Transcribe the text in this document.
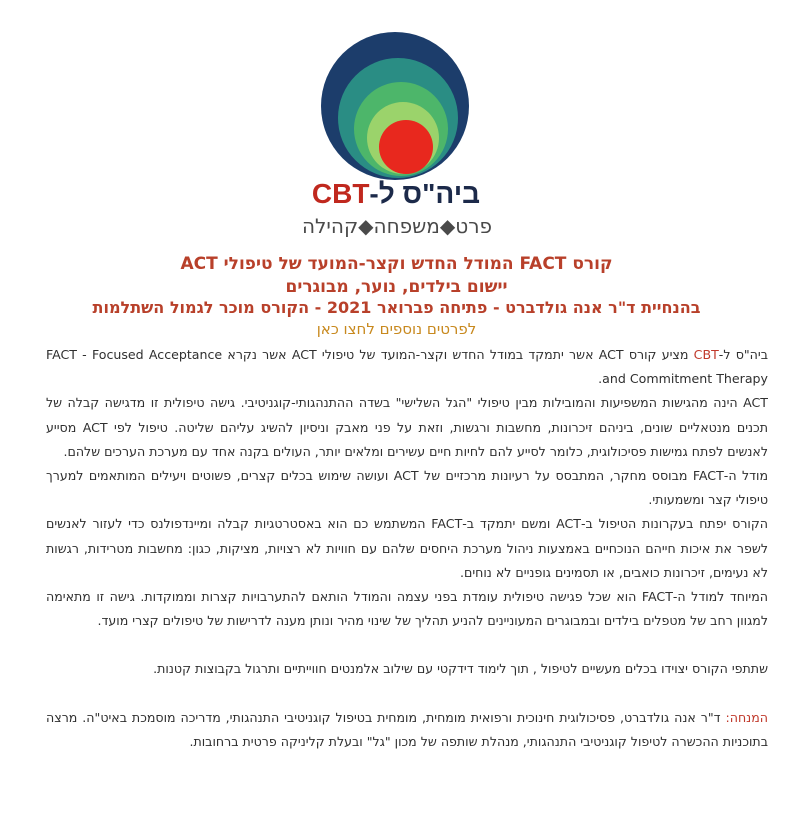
ביה"ס ל-CBT
פרט◆משפחה◆קהילה
קורס FACT המודל החדש וקצר-המועד של טיפולי ACT
יישום בילדים, נוער, מבוגרים
בהנחיית ד"ר אנה גולדברט - פתיחה פברואר 2021 - הקורס מוכר לגמול השתלמות
לפרטים נוספים לחצו כאן

ביה"ס ל-CBT מציע קורס ACT אשר יתמקד במודל החדש וקצר-המועד של טיפולי ACT אשר נקרא FACT - Focused Acceptance and Commitment Therapy.

ACT הינה מהגישות המשפיעות והמובילות מבין טיפולי "הגל השלישי" בשדה ההתנהגותי-קוגניטיבי. גישה טיפולית זו מדגישה קבלה של תכנים מנטאליים שונים, ביניהם זיכרונות, מחשבות ורגשות, וזאת על פני מאבק וניסיון להשיג עליהם שליטה. טיפול לפי ACT מסייע לאנשים לפתח גמישות פסיכולוגית, כלומר לסייע להם לחיות חיים עשירים ומלאים יותר, העולים בקנה אחד עם מערכת הערכים שלהם.

מודל ה-FACT מבוסס מחקר, המתבסס על רעיונות מרכזיים של ACT ועושה שימוש בכלים קצרים, פשוטים ויעילים המותאמים למערך טיפולי קצר ומשמעותי.

הקורס יפתח בעקרונות הטיפול ב-ACT ומשם יתמקד ב-FACT המשתמש כם הוא באסטרטגיות קבלה ומיינדפולנס כדי לעזור לאנשים לשפר את איכות חייהם הנוכחיים באמצעות ניהול מערכת היחסים שלהם עם חוויות לא רצויות, מציקות, כגון: מחשבות מטרידות, רגשות לא נעימים, זיכרונות כואבים, או תסמינים גופניים לא נוחים.

המיוחד למודל ה-FACT הוא שכל פגישה טיפולית עומדת בפני עצמה והמודל הותאם להתערבויות קצרות וממוקדות. גישה זו מתאימה למגוון רחב של מטפלים בילדים ובמבוגרים המעוניינים להניע תהליך של שינוי מהיר ונותן מענה לדרישות של טיפולים קצרי מועד.

שתתפי הקורס יצוידו בכלים מעשיים לטיפול , תוך לימוד דידקטי עם שילוב אלמנטים חווייתיים ותרגול בקבוצות קטנות.

המנחה: ד"ר אנה גולדברט, פסיכולוגית חינוכית ורפואית מומחית, מומחית בטיפול קוגניטיבי התנהגותי, מדריכה מוסמכת באיט"ה. מרצה בתוכניות ההכשרה לטיפול קוגניטיבי התנהגותי, מנהלת שותפה של מכון "גל" ובעלת קליניקה פרטית ברחובות.
